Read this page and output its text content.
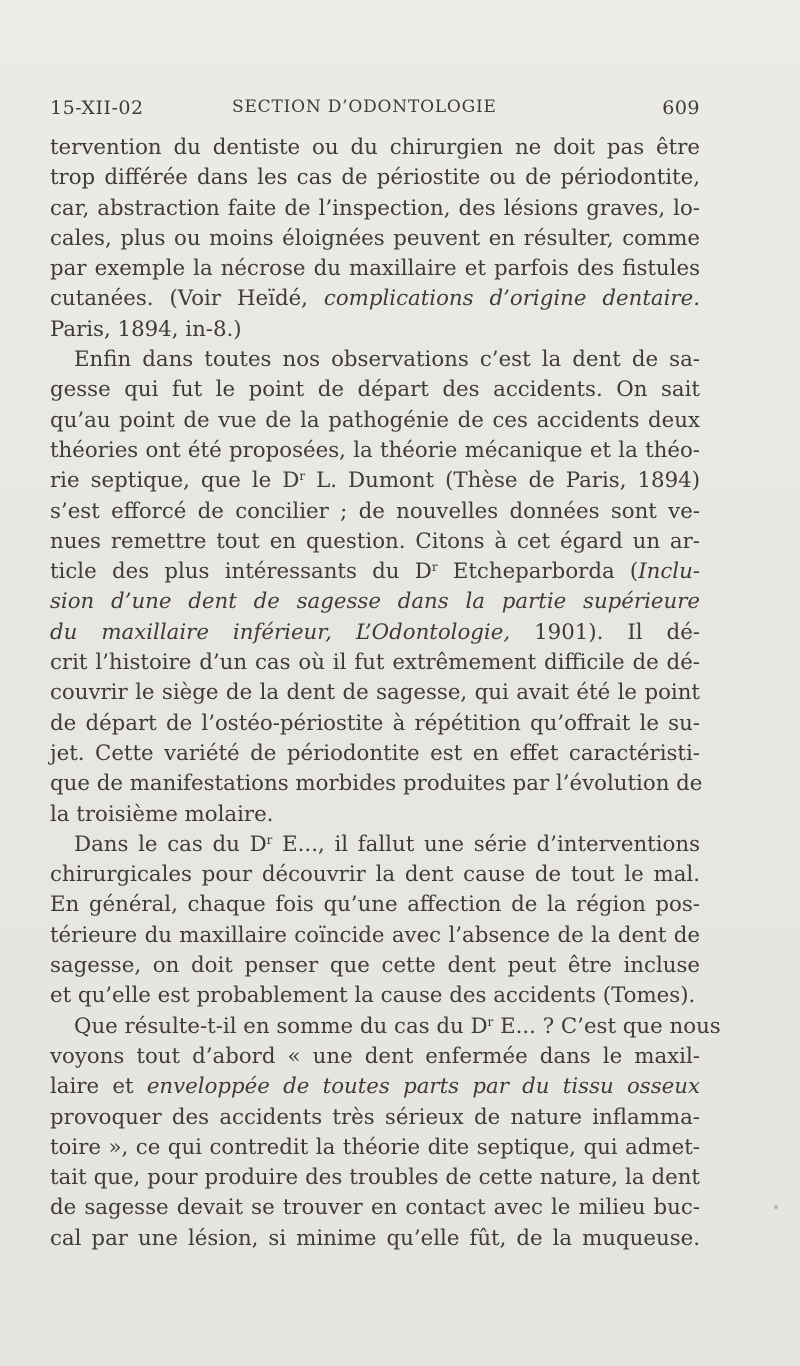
15-XII-02	SECTION D’ODONTOLOGIE	609
tervention du dentiste ou du chirurgien ne doit pas être
trop différée dans les cas de périostite ou de périodontite,
car, abstraction faite de l’inspection, des lésions graves, lo-
cales, plus ou moins éloignées peuvent en résulter, comme
par exemple la nécrose du maxillaire et parfois des fistules
cutanées. (Voir Heïdé, complications d’origine dentaire.
Paris, 1894, in-8.)
Enfin dans toutes nos observations c’est la dent de sa-
gesse qui fut le point de départ des accidents. On sait
qu’au point de vue de la pathogénie de ces accidents deux
théories ont été proposées, la théorie mécanique et la théo-
rie septique, que le $D^r$ L. Dumont (Thèse de Paris, 1894)
s’est efforcé de concilier ; de nouvelles données sont ve-
nues remettre tout en question. Citons à cet égard un ar-
ticle des plus intéressants du $D^r$ Etcheparborda (Inclu-
sion d’une dent de sagesse dans la partie supérieure
du maxillaire inférieur, L’Odontologie, 1901). Il dé-
crit l’histoire d’un cas où il fut extrêmement difficile de dé-
couvrir le siège de la dent de sagesse, qui avait été le point
de départ de l’ostéo-périostite à répétition qu’offrait le su-
jet. Cette variété de périodontite est en effet caractéristi-
que de manifestations morbides produites par l’évolution de
la troisième molaire.
Dans le cas du $D^r$ E..., il fallut une série d’interventions
chirurgicales pour découvrir la dent cause de tout le mal.
En général, chaque fois qu’une affection de la région pos-
térieure du maxillaire coïncide avec l’absence de la dent de
sagesse, on doit penser que cette dent peut être incluse
et qu’elle est probablement la cause des accidents (Tomes).
Que résulte-t-il en somme du cas du $D^r$ E... ? C’est que nous
voyons tout d’abord « une dent enfermée dans le maxil-
laire et enveloppée de toutes parts par du tissu osseux
provoquer des accidents très sérieux de nature inflamma-
toire », ce qui contredit la théorie dite septique, qui admet-
tait que, pour produire des troubles de cette nature, la dent
de sagesse devait se trouver en contact avec le milieu buc-
cal par une lésion, si minime qu’elle fût, de la muqueuse.
